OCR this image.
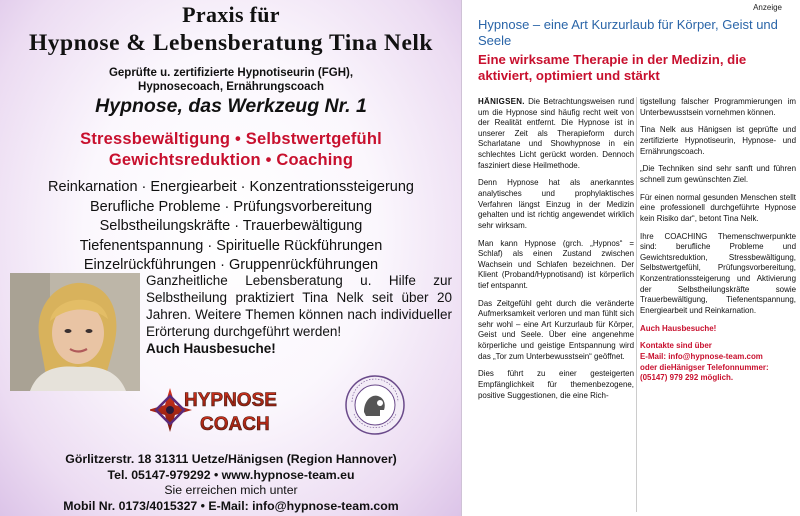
Praxis für
Hypnose & Lebensberatung Tina Nelk
Geprüfte u. zertifizierte Hypnotiseurin (FGH),
Hypnosecoach, Ernährungscoach
Hypnose, das Werkzeug Nr. 1
Stressbewältigung • Selbstwertgefühl
Gewichtsreduktion • Coaching
Reinkarnation · Energiearbeit · Konzentrationssteigerung
Berufliche Probleme · Prüfungsvorbereitung
Selbstheilungskräfte · Trauerbewältigung
Tiefenentspannung · Spirituelle Rückführungen
Einzelrückführungen · Gruppenrückführungen
Ganzheitliche Lebensberatung u. Hilfe zur Selbstheilung praktiziert Tina Nelk seit über 20 Jahren. Weitere Themen können nach individueller Erörterung durchgeführt werden!
Auch Hausbesuche!
HYPNOSE
COACH
Görlitzerstr. 18 31311 Uetze/Hänigsen (Region Hannover)
Tel. 05147-979292 • www.hypnose-team.eu
Sie erreichen mich unter
Mobil Nr. 0173/4015327 • E-Mail: info@hypnose-team.com
Anzeige
Hypnose – eine Art Kurzurlaub für Körper, Geist und Seele
Eine wirksame Therapie in der Medizin, die aktiviert, optimiert und stärkt

HÄNIGSEN. Die Betrachtungsweisen rund um die Hypnose sind häufig recht weit von der Realität entfernt. Die Hypnose ist in unserer Zeit als Therapieform durch Scharlatane und Showhypnose in ein schlechtes Licht gerückt worden. Dennoch fasziniert diese Heilmethode.

Denn Hypnose hat als anerkanntes analytisches und prophylaktisches Verfahren längst Einzug in der Medizin gehalten und ist richtig angewendet wirklich sehr wirksam.

Man kann Hypnose (grch. „Hypnos“ = Schlaf) als einen Zustand zwischen Wachsein und Schlafen bezeichnen. Der Klient (Proband/Hypnotisand) ist körperlich tief entspannt.

Das Zeitgefühl geht durch die veränderte Aufmerksamkeit verloren und man fühlt sich sehr wohl – eine Art Kurzurlaub für Körper, Geist und Seele. Über eine angenehme körperliche und geistige Entspannung wird das „Tor zum Unterbewusstsein“ geöffnet.

Dies führt zu einer gesteigerten Empfänglichkeit für themenbezogene, positive Suggestionen, die eine Rich-

tigstellung falscher Programmierungen im Unterbewusstsein vornehmen können.

Tina Nelk aus Hänigsen ist geprüfte und zertifizierte Hypnotiseurin, Hypnose- und Ernährungscoach.

„Die Techniken sind sehr sanft und führen schnell zum gewünschten Ziel.

Für einen normal gesunden Menschen stellt eine professionell durchgeführte Hypnose kein Risiko dar“, betont Tina Nelk.

Ihre COACHING Themenschwerpunkte sind: berufliche Probleme und Gewichtsreduktion, Stressbewältigung, Selbstwertgefühl, Prüfungsvorbereitung, Konzentrationssteigerung und Aktivierung der Selbstheilungskräfte sowie Trauerbewältigung, Tiefenentspannung, Energiearbeit und Reinkarnation.

Auch Hausbesuche!

Kontakte sind über
E-Mail: info@hypnose-team.com
oder dieHänigser Telefonnummer:
(05147) 979 292 möglich.
